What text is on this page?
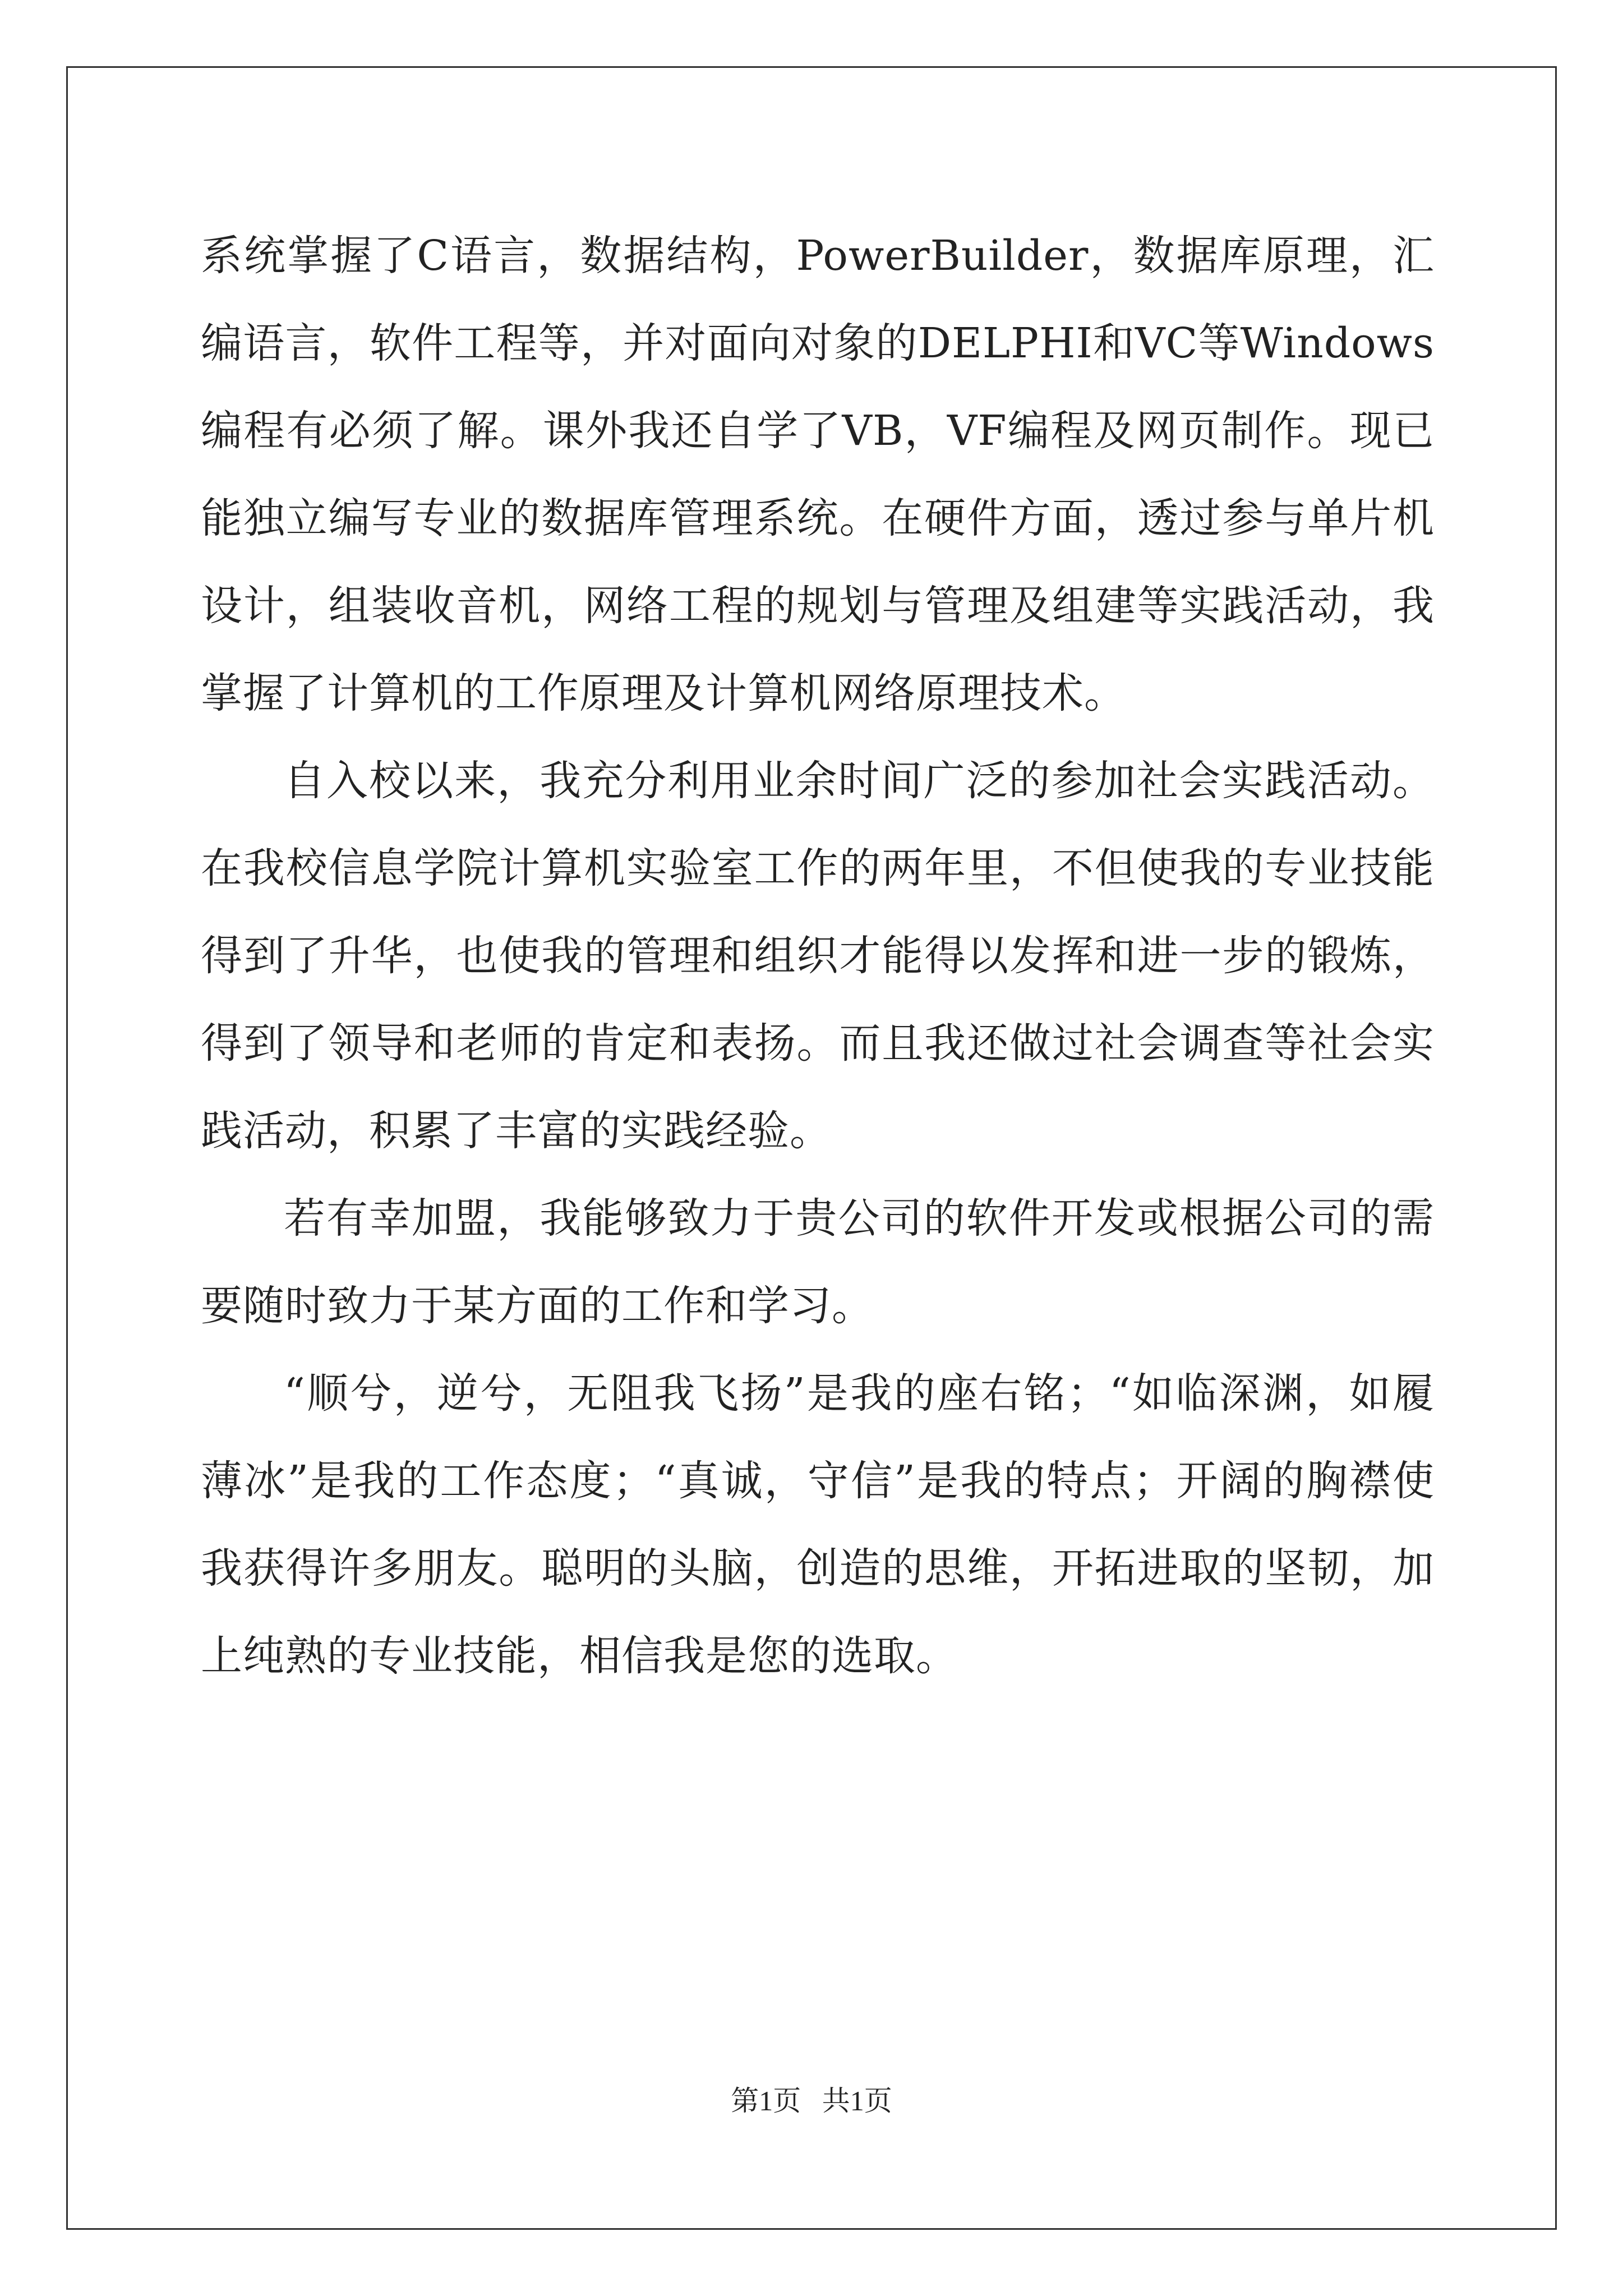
系统掌握了C语言，数据结构，PowerBuilder，数据库原理，汇编语言，软件工程等，并对面向对象的DELPHI和VC等Windows编程有必须了解。课外我还自学了VB，VF编程及网页制作。现已能独立编写专业的数据库管理系统。在硬件方面，透过参与单片机设计，组装收音机，网络工程的规划与管理及组建等实践活动，我掌握了计算机的工作原理及计算机网络原理技术。

自入校以来，我充分利用业余时间广泛的参加社会实践活动。在我校信息学院计算机实验室工作的两年里，不但使我的专业技能得到了升华，也使我的管理和组织才能得以发挥和进一步的锻炼，得到了领导和老师的肯定和表扬。而且我还做过社会调查等社会实践活动，积累了丰富的实践经验。

若有幸加盟，我能够致力于贵公司的软件开发或根据公司的需要随时致力于某方面的工作和学习。

“顺兮，逆兮，无阻我飞扬”是我的座右铭；“如临深渊，如履薄冰”是我的工作态度；“真诚，守信”是我的特点；开阔的胸襟使我获得许多朋友。聪明的头脑，创造的思维，开拓进取的坚韧，加上纯熟的专业技能，相信我是您的选取。

第1页   共1页
